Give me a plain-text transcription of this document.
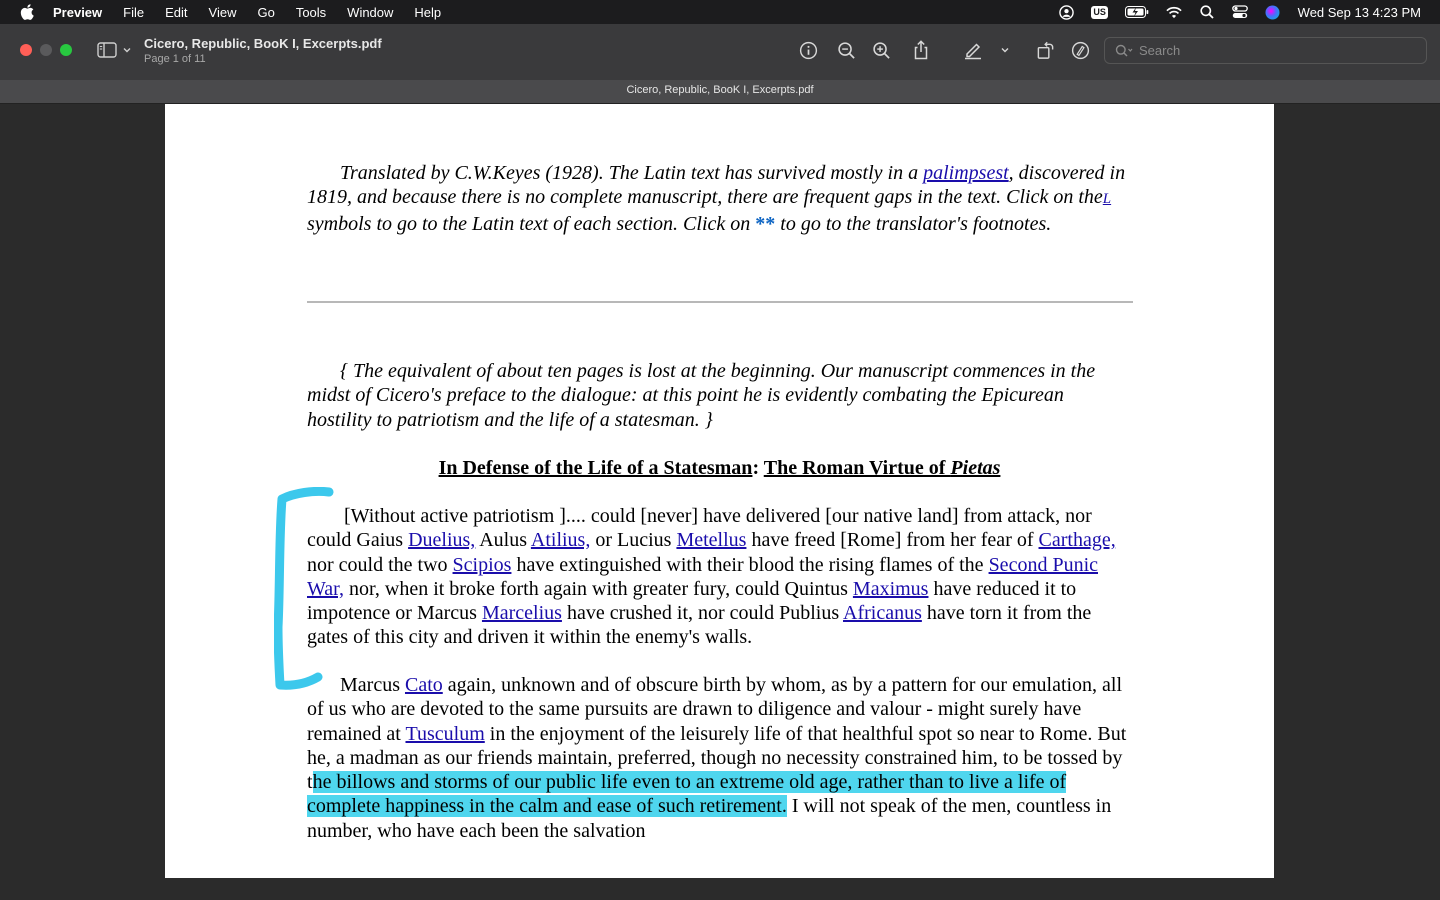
Preview File Edit View Go Tools Window Help	US	Wed Sep 13 4:23 PM
Cicero, Republic, BooK I, Excerpts.pdf
Page 1 of 11
Search
Cicero, Republic, BooK I, Excerpts.pdf
Translated by C.W.Keyes (1928). The Latin text has survived mostly in a palimpsest, discovered in 1819, and because there is no complete manuscript, there are frequent gaps in the text. Click on theL symbols to go to the Latin text of each section. Click on ** to go to the translator's footnotes.
{ The equivalent of about ten pages is lost at the beginning. Our manuscript commences in the midst of Cicero's preface to the dialogue: at this point he is evidently combating the Epicurean hostility to patriotism and the life of a statesman. }
In Defense of the Life of a Statesman: The Roman Virtue of Pietas
[Without active patriotism ].... could [never] have delivered [our native land] from attack, nor could Gaius Duelius, Aulus Atilius, or Lucius Metellus have freed [Rome] from her fear of Carthage, nor could the two Scipios have extinguished with their blood the rising flames of the Second Punic War, nor, when it broke forth again with greater fury, could Quintus Maximus have reduced it to impotence or Marcus Marcelius have crushed it, nor could Publius Africanus have torn it from the gates of this city and driven it within the enemy's walls.
Marcus Cato again, unknown and of obscure birth by whom, as by a pattern for our emulation, all of us who are devoted to the same pursuits are drawn to diligence and valour - might surely have remained at Tusculum in the enjoyment of the leisurely life of that healthful spot so near to Rome. But he, a madman as our friends maintain, preferred, though no necessity constrained him, to be tossed by the billows and storms of our public life even to an extreme old age, rather than to live a life of complete happiness in the calm and ease of such retirement. I will not speak of the men, countless in number, who have each been the salvation
